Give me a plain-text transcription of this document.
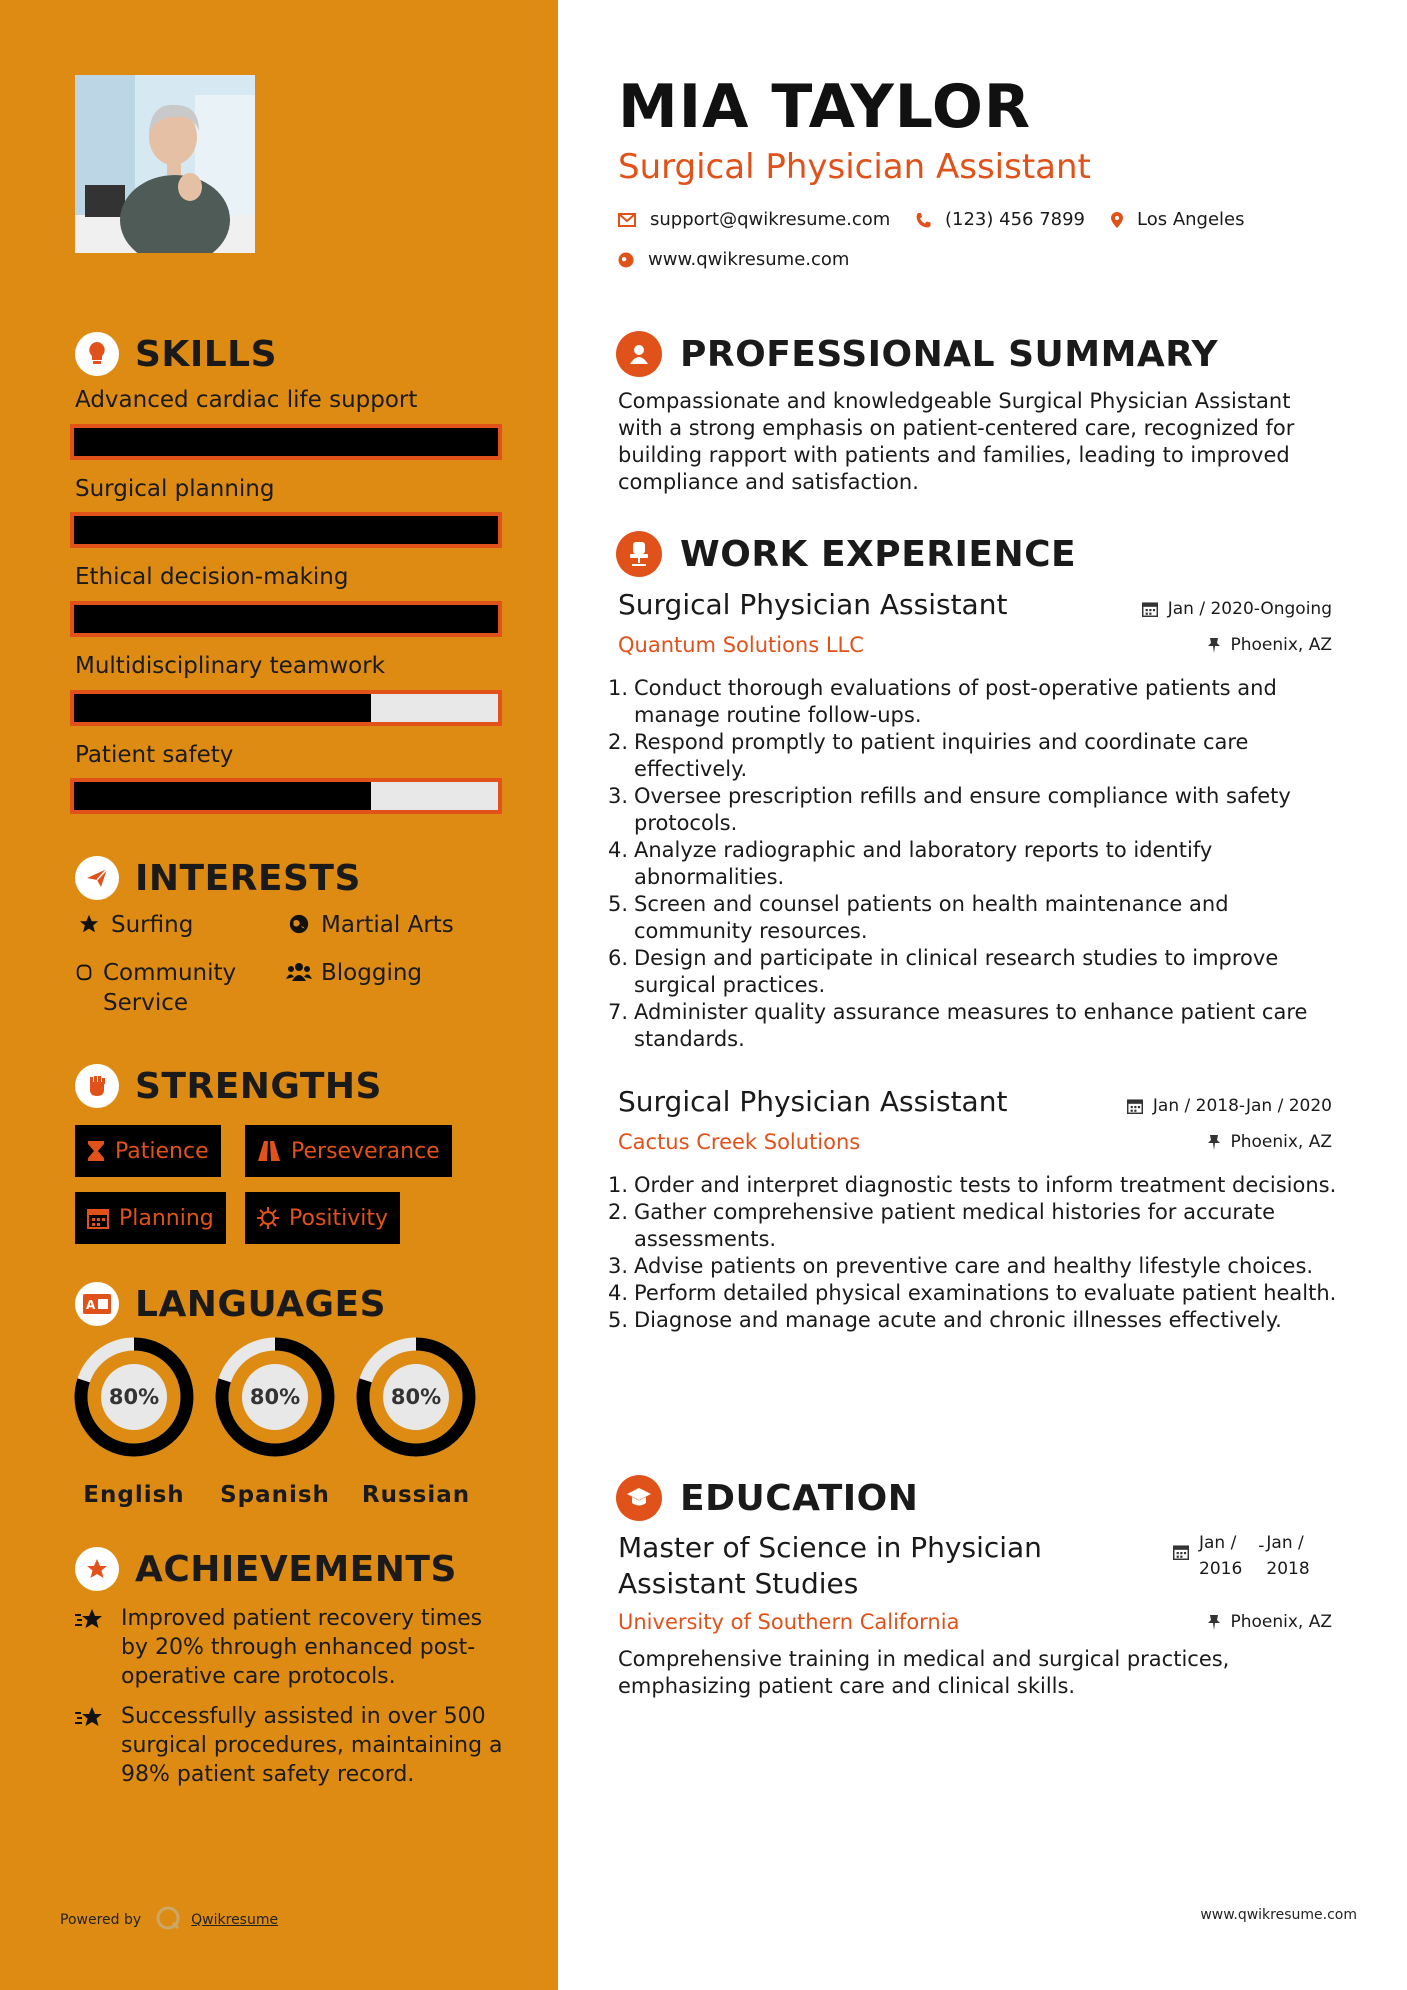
SKILLS
Advanced cardiac life support
Surgical planning
Ethical decision-making
Multidisciplinary teamwork
Patient safety
INTERESTS
Surfing	Martial Arts
Community Service
Blogging
STRENGTHS
Patience	Perseverance
Planning	Positivity
A LANGUAGES
80%
English
80%
Spanish
80%
Russian
ACHIEVEMENTS
Improved patient recovery times by 20% through enhanced post-operative care protocols.
Successfully assisted in over 500 surgical procedures, maintaining a 98% patient safety record.
Powered by	Qwikresume
MIA TAYLOR
Surgical Physician Assistant
support@qwikresume.com	(123) 456 7899	Los Angeles
www.qwikresume.com
PROFESSIONAL SUMMARY
Compassionate and knowledgeable Surgical Physician Assistant with a strong emphasis on patient-centered care, recognized for building rapport with patients and families, leading to improved compliance and satisfaction.
WORK EXPERIENCE
Surgical Physician Assistant	Jan / 2020-Ongoing
Quantum Solutions LLC	Phoenix, AZ
1. Conduct thorough evaluations of post-operative patients and manage routine follow-ups.
2. Respond promptly to patient inquiries and coordinate care effectively.
3. Oversee prescription refills and ensure compliance with safety protocols.
4. Analyze radiographic and laboratory reports to identify abnormalities.
5. Screen and counsel patients on health maintenance and community resources.
6. Design and participate in clinical research studies to improve surgical practices.
7. Administer quality assurance measures to enhance patient care standards.
Surgical Physician Assistant	Jan / 2018-Jan / 2020
Cactus Creek Solutions	Phoenix, AZ
1. Order and interpret diagnostic tests to inform treatment decisions.
2. Gather comprehensive patient medical histories for accurate assessments.
3. Advise patients on preventive care and healthy lifestyle choices.
4. Perform detailed physical examinations to evaluate patient health.
5. Diagnose and manage acute and chronic illnesses effectively.
EDUCATION
Master of Science in Physician Assistant Studies
Jan /
2016
- Jan /
2018
University of Southern California	Phoenix, AZ
Comprehensive training in medical and surgical practices, emphasizing patient care and clinical skills.
www.qwikresume.com
